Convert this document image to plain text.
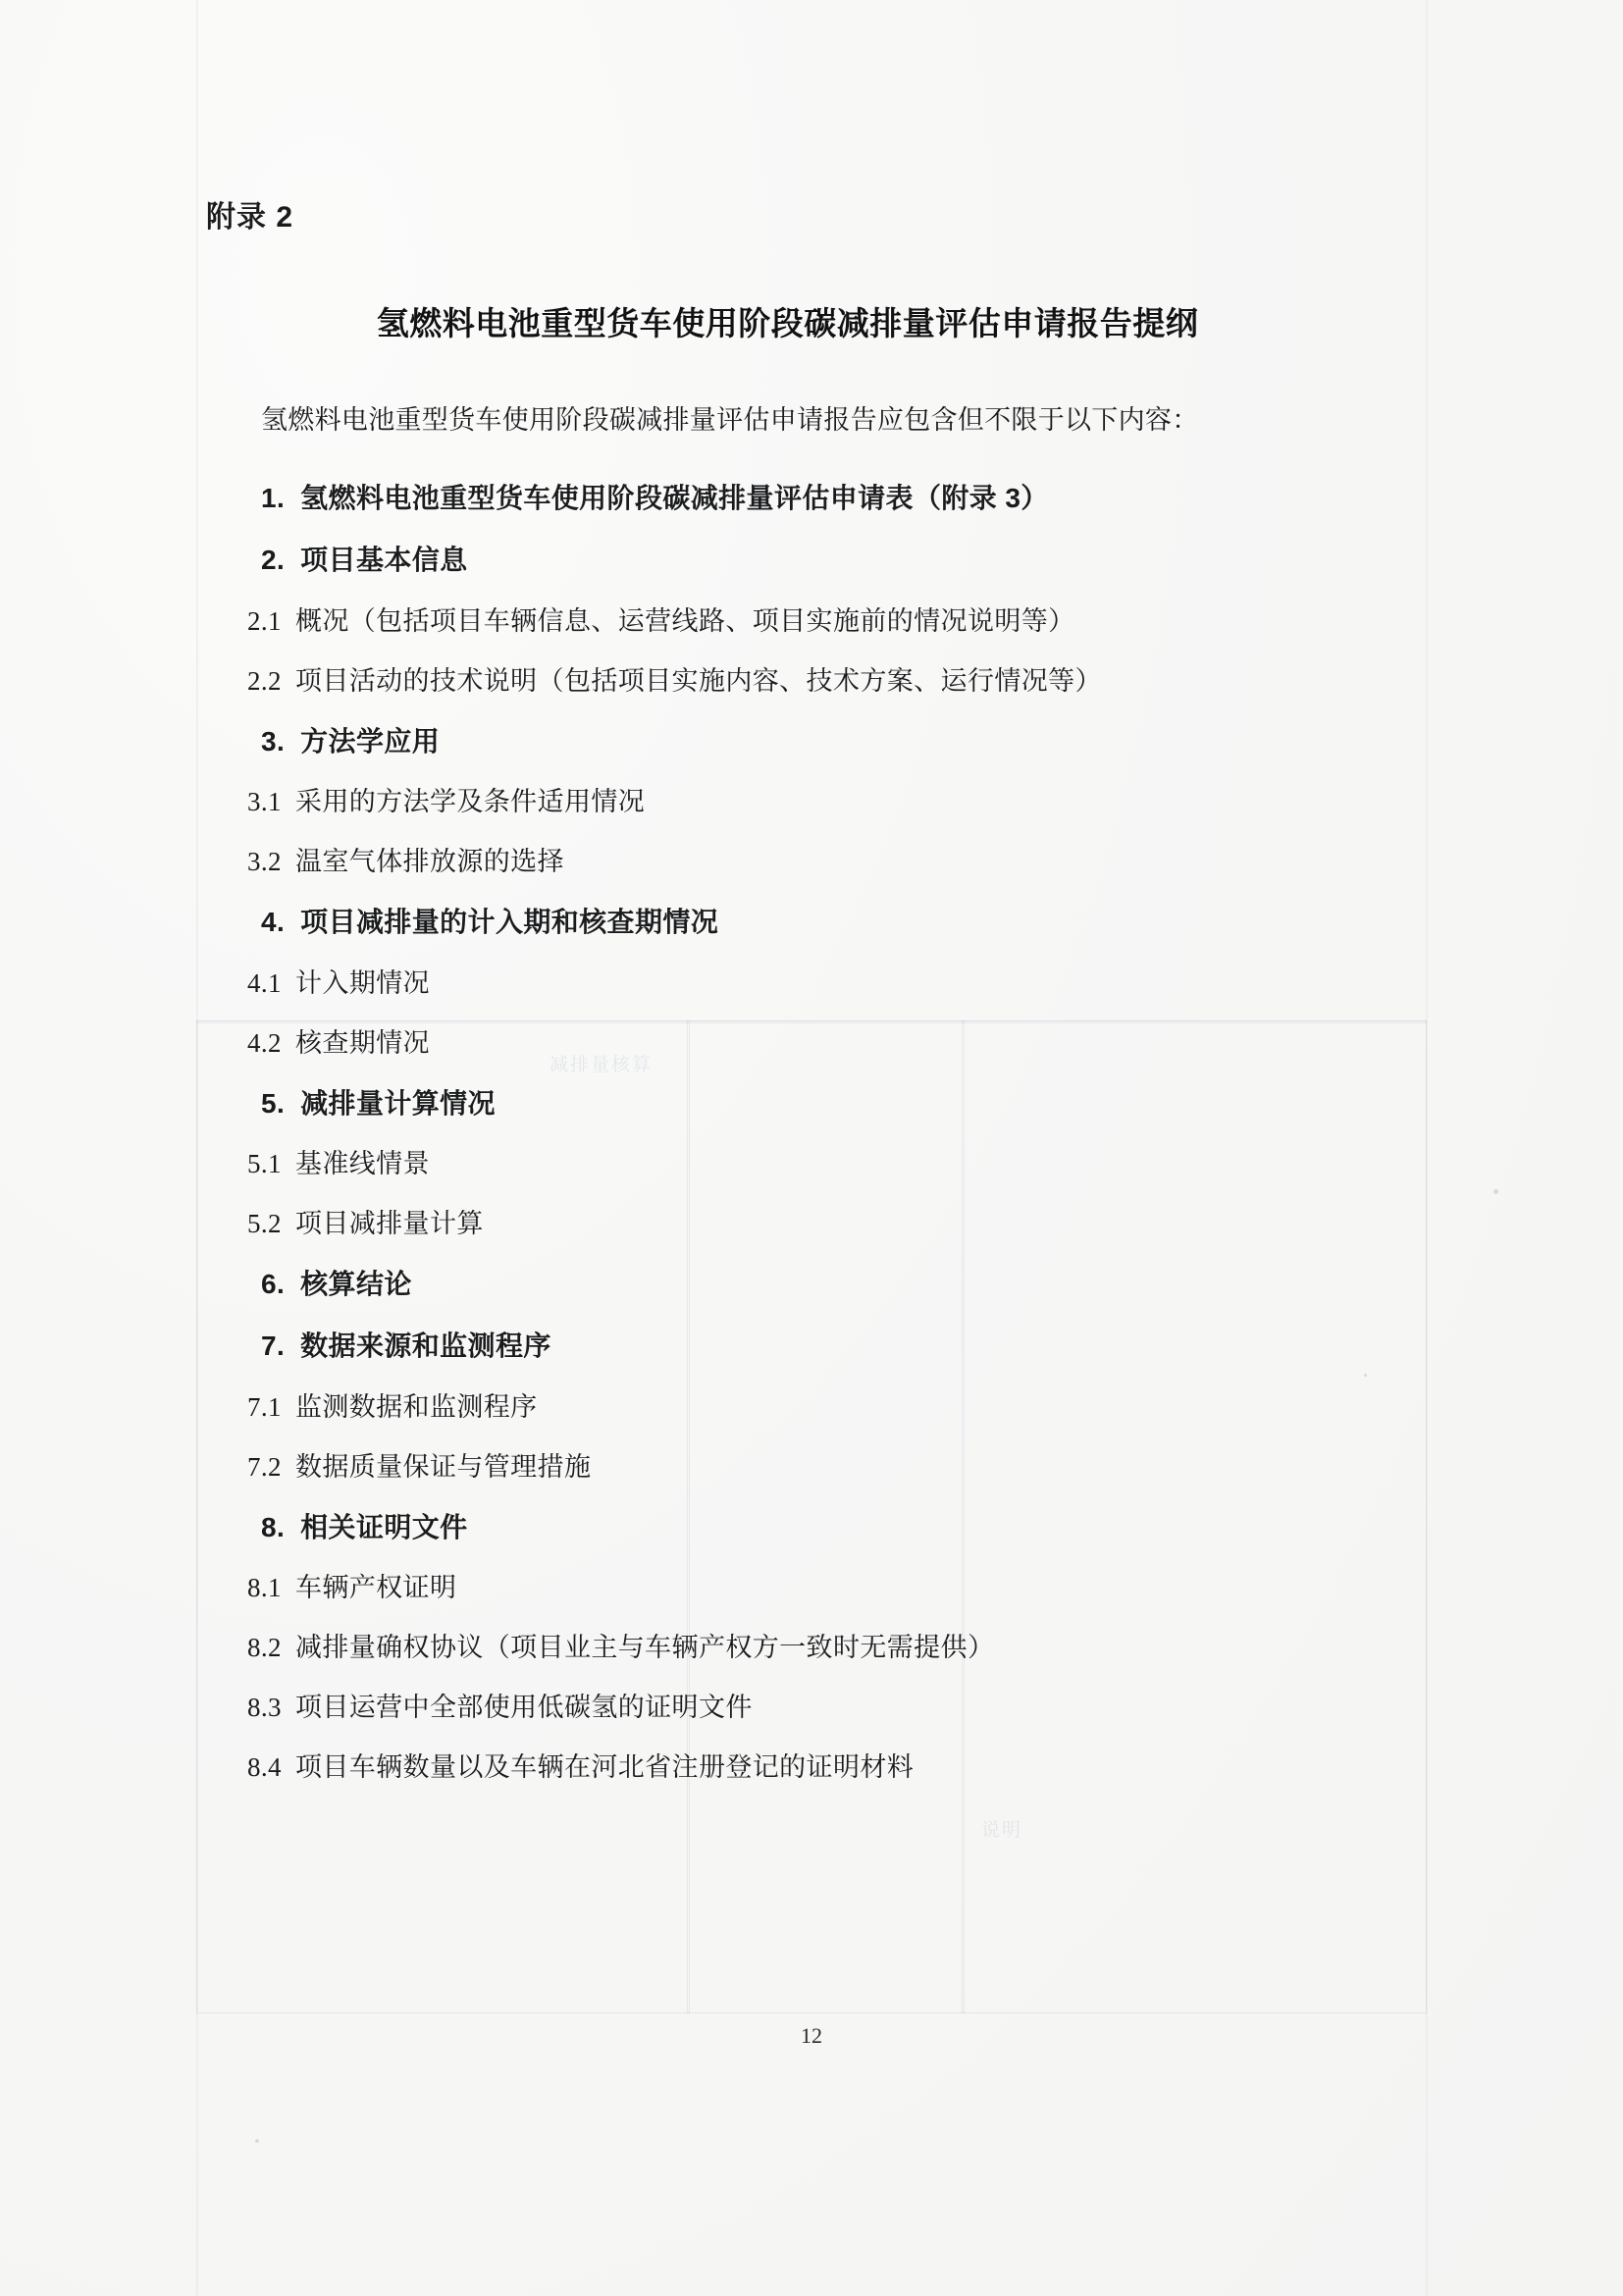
减排量核算
说明
附录 2
氢燃料电池重型货车使用阶段碳减排量评估申请报告提纲

氢燃料电池重型货车使用阶段碳减排量评估申请报告应包含但不限于以下内容：

1. 氢燃料电池重型货车使用阶段碳减排量评估申请表（附录 3）
2. 项目基本信息
2.1 概况（包括项目车辆信息、运营线路、项目实施前的情况说明等）
2.2 项目活动的技术说明（包括项目实施内容、技术方案、运行情况等）
3. 方法学应用
3.1 采用的方法学及条件适用情况
3.2 温室气体排放源的选择
4. 项目减排量的计入期和核查期情况
4.1 计入期情况
4.2 核查期情况
5. 减排量计算情况
5.1 基准线情景
5.2 项目减排量计算
6. 核算结论
7. 数据来源和监测程序
7.1 监测数据和监测程序
7.2 数据质量保证与管理措施
8. 相关证明文件
8.1 车辆产权证明
8.2 减排量确权协议（项目业主与车辆产权方一致时无需提供）
8.3 项目运营中全部使用低碳氢的证明文件
8.4 项目车辆数量以及车辆在河北省注册登记的证明材料
12
